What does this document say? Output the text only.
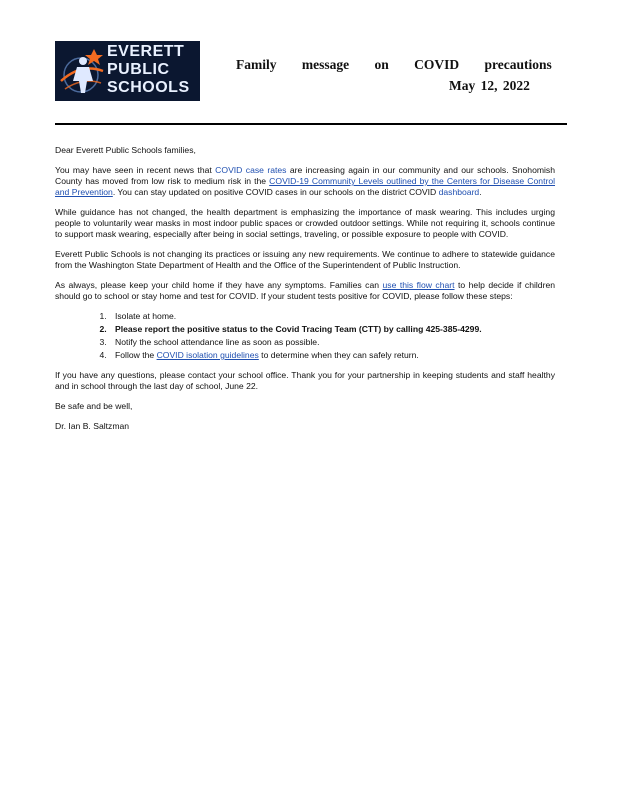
EVERETT
PUBLIC
SCHOOLS
Family message on COVID precautions
May 12, 2022

Dear Everett Public Schools families,

You may have seen in recent news that COVID case rates are increasing again in our community and our schools. Snohomish County has moved from low risk to medium risk in the COVID-19 Community Levels outlined by the Centers for Disease Control and Prevention. You can stay updated on positive COVID cases in our schools on the district COVID dashboard.

While guidance has not changed, the health department is emphasizing the importance of mask wearing. This includes urging people to voluntarily wear masks in most indoor public spaces or crowded outdoor settings. While not requiring it, schools continue to support mask wearing, especially after being in social settings, traveling, or possible exposure to people with COVID.

Everett Public Schools is not changing its practices or issuing any new requirements. We continue to adhere to statewide guidance from the Washington State Department of Health and the Office of the Superintendent of Public Instruction.

As always, please keep your child home if they have any symptoms. Families can use this flow chart to help decide if children should go to school or stay home and test for COVID. If your student tests positive for COVID, please follow these steps:

1. Isolate at home.
2. Please report the positive status to the Covid Tracing Team (CTT) by calling 425-385-4299.
3. Notify the school attendance line as soon as possible.
4. Follow the COVID isolation guidelines to determine when they can safely return.

If you have any questions, please contact your school office. Thank you for your partnership in keeping students and staff healthy and in school through the last day of school, June 22.

Be safe and be well,

Dr. Ian B. Saltzman
